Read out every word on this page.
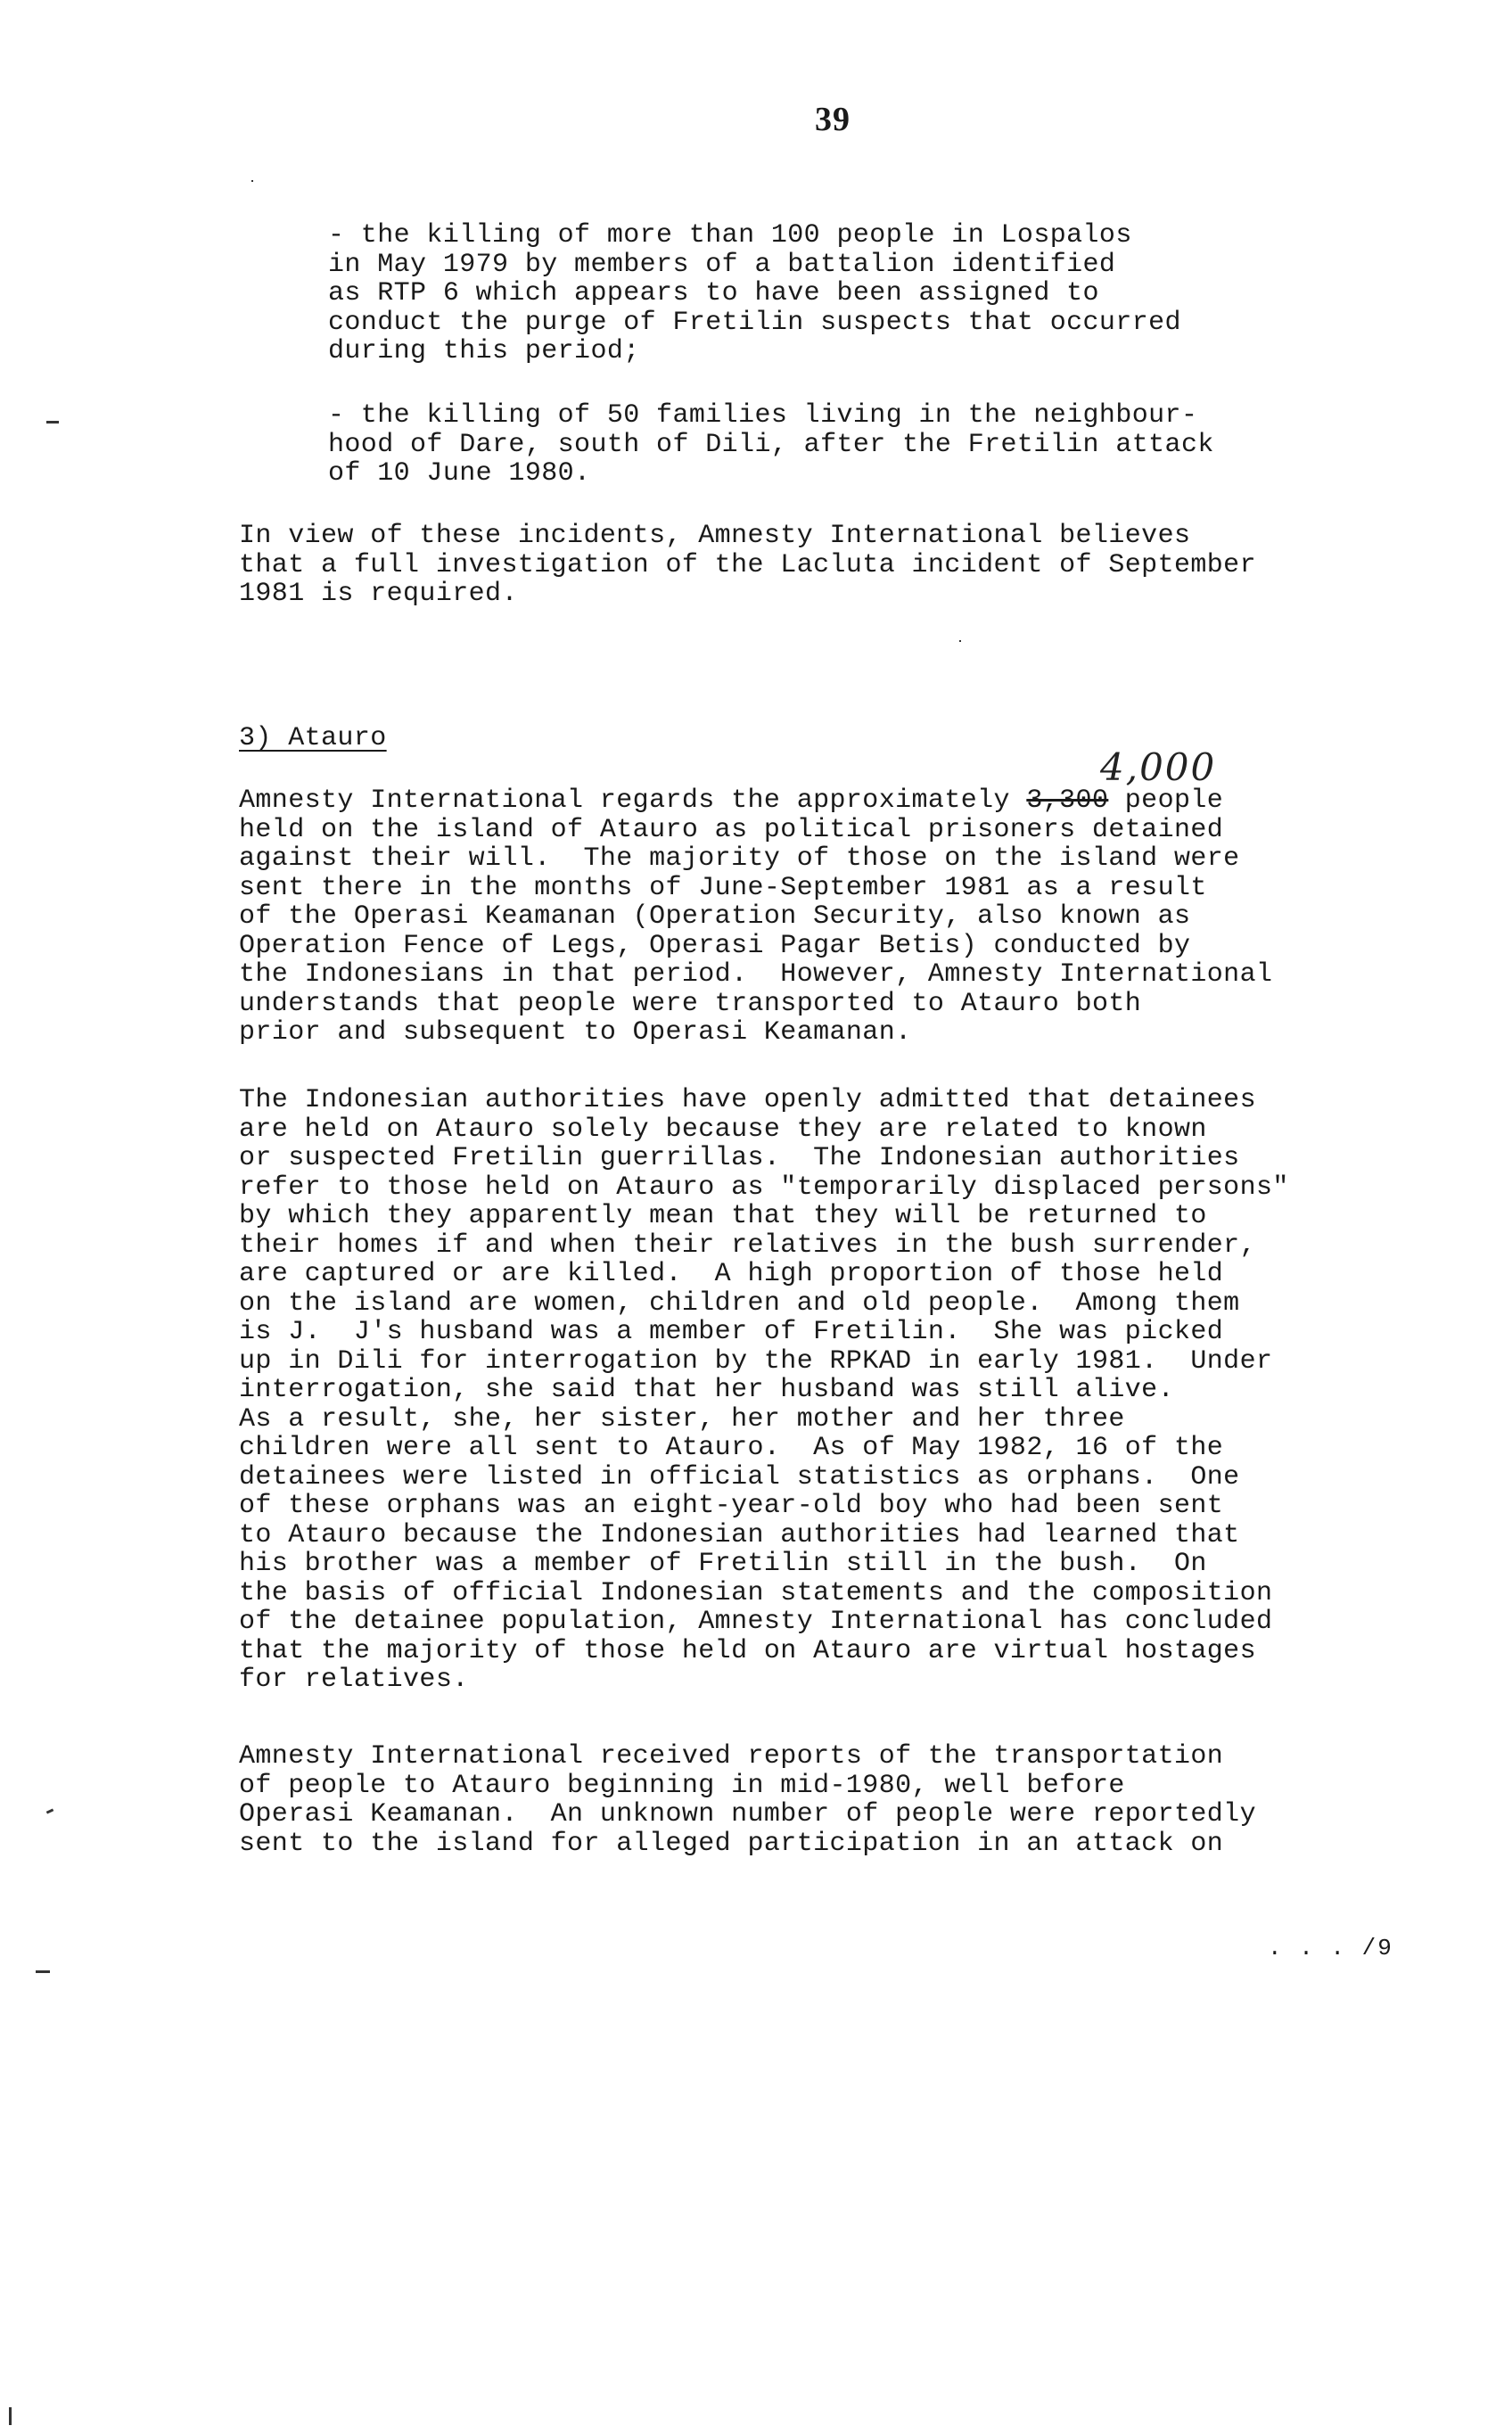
39
- the killing of more than 100 people in Lospalos
in May 1979 by members of a battalion identified
as RTP 6 which appears to have been assigned to
conduct the purge of Fretilin suspects that occurred
during this period;
- the killing of 50 families living in the neighbour-
hood of Dare, south of Dili, after the Fretilin attack
of 10 June 1980.
In view of these incidents, Amnesty International believes
that a full investigation of the Lacluta incident of September
1981 is required.
3) Atauro
4,000
Amnesty International regards the approximately 3,300 people
held on the island of Atauro as political prisoners detained
against their will.  The majority of those on the island were
sent there in the months of June-September 1981 as a result
of the Operasi Keamanan (Operation Security, also known as
Operation Fence of Legs, Operasi Pagar Betis) conducted by
the Indonesians in that period.  However, Amnesty International
understands that people were transported to Atauro both
prior and subsequent to Operasi Keamanan.
The Indonesian authorities have openly admitted that detainees
are held on Atauro solely because they are related to known
or suspected Fretilin guerrillas.  The Indonesian authorities
refer to those held on Atauro as "temporarily displaced persons"
by which they apparently mean that they will be returned to
their homes if and when their relatives in the bush surrender,
are captured or are killed.  A high proportion of those held
on the island are women, children and old people.  Among them
is J.  J's husband was a member of Fretilin.  She was picked
up in Dili for interrogation by the RPKAD in early 1981.  Under
interrogation, she said that her husband was still alive.
As a result, she, her sister, her mother and her three
children were all sent to Atauro.  As of May 1982, 16 of the
detainees were listed in official statistics as orphans.  One
of these orphans was an eight-year-old boy who had been sent
to Atauro because the Indonesian authorities had learned that
his brother was a member of Fretilin still in the bush.  On
the basis of official Indonesian statements and the composition
of the detainee population, Amnesty International has concluded
that the majority of those held on Atauro are virtual hostages
for relatives.
Amnesty International received reports of the transportation
of people to Atauro beginning in mid-1980, well before
Operasi Keamanan.  An unknown number of people were reportedly
sent to the island for alleged participation in an attack on
. . . /9
